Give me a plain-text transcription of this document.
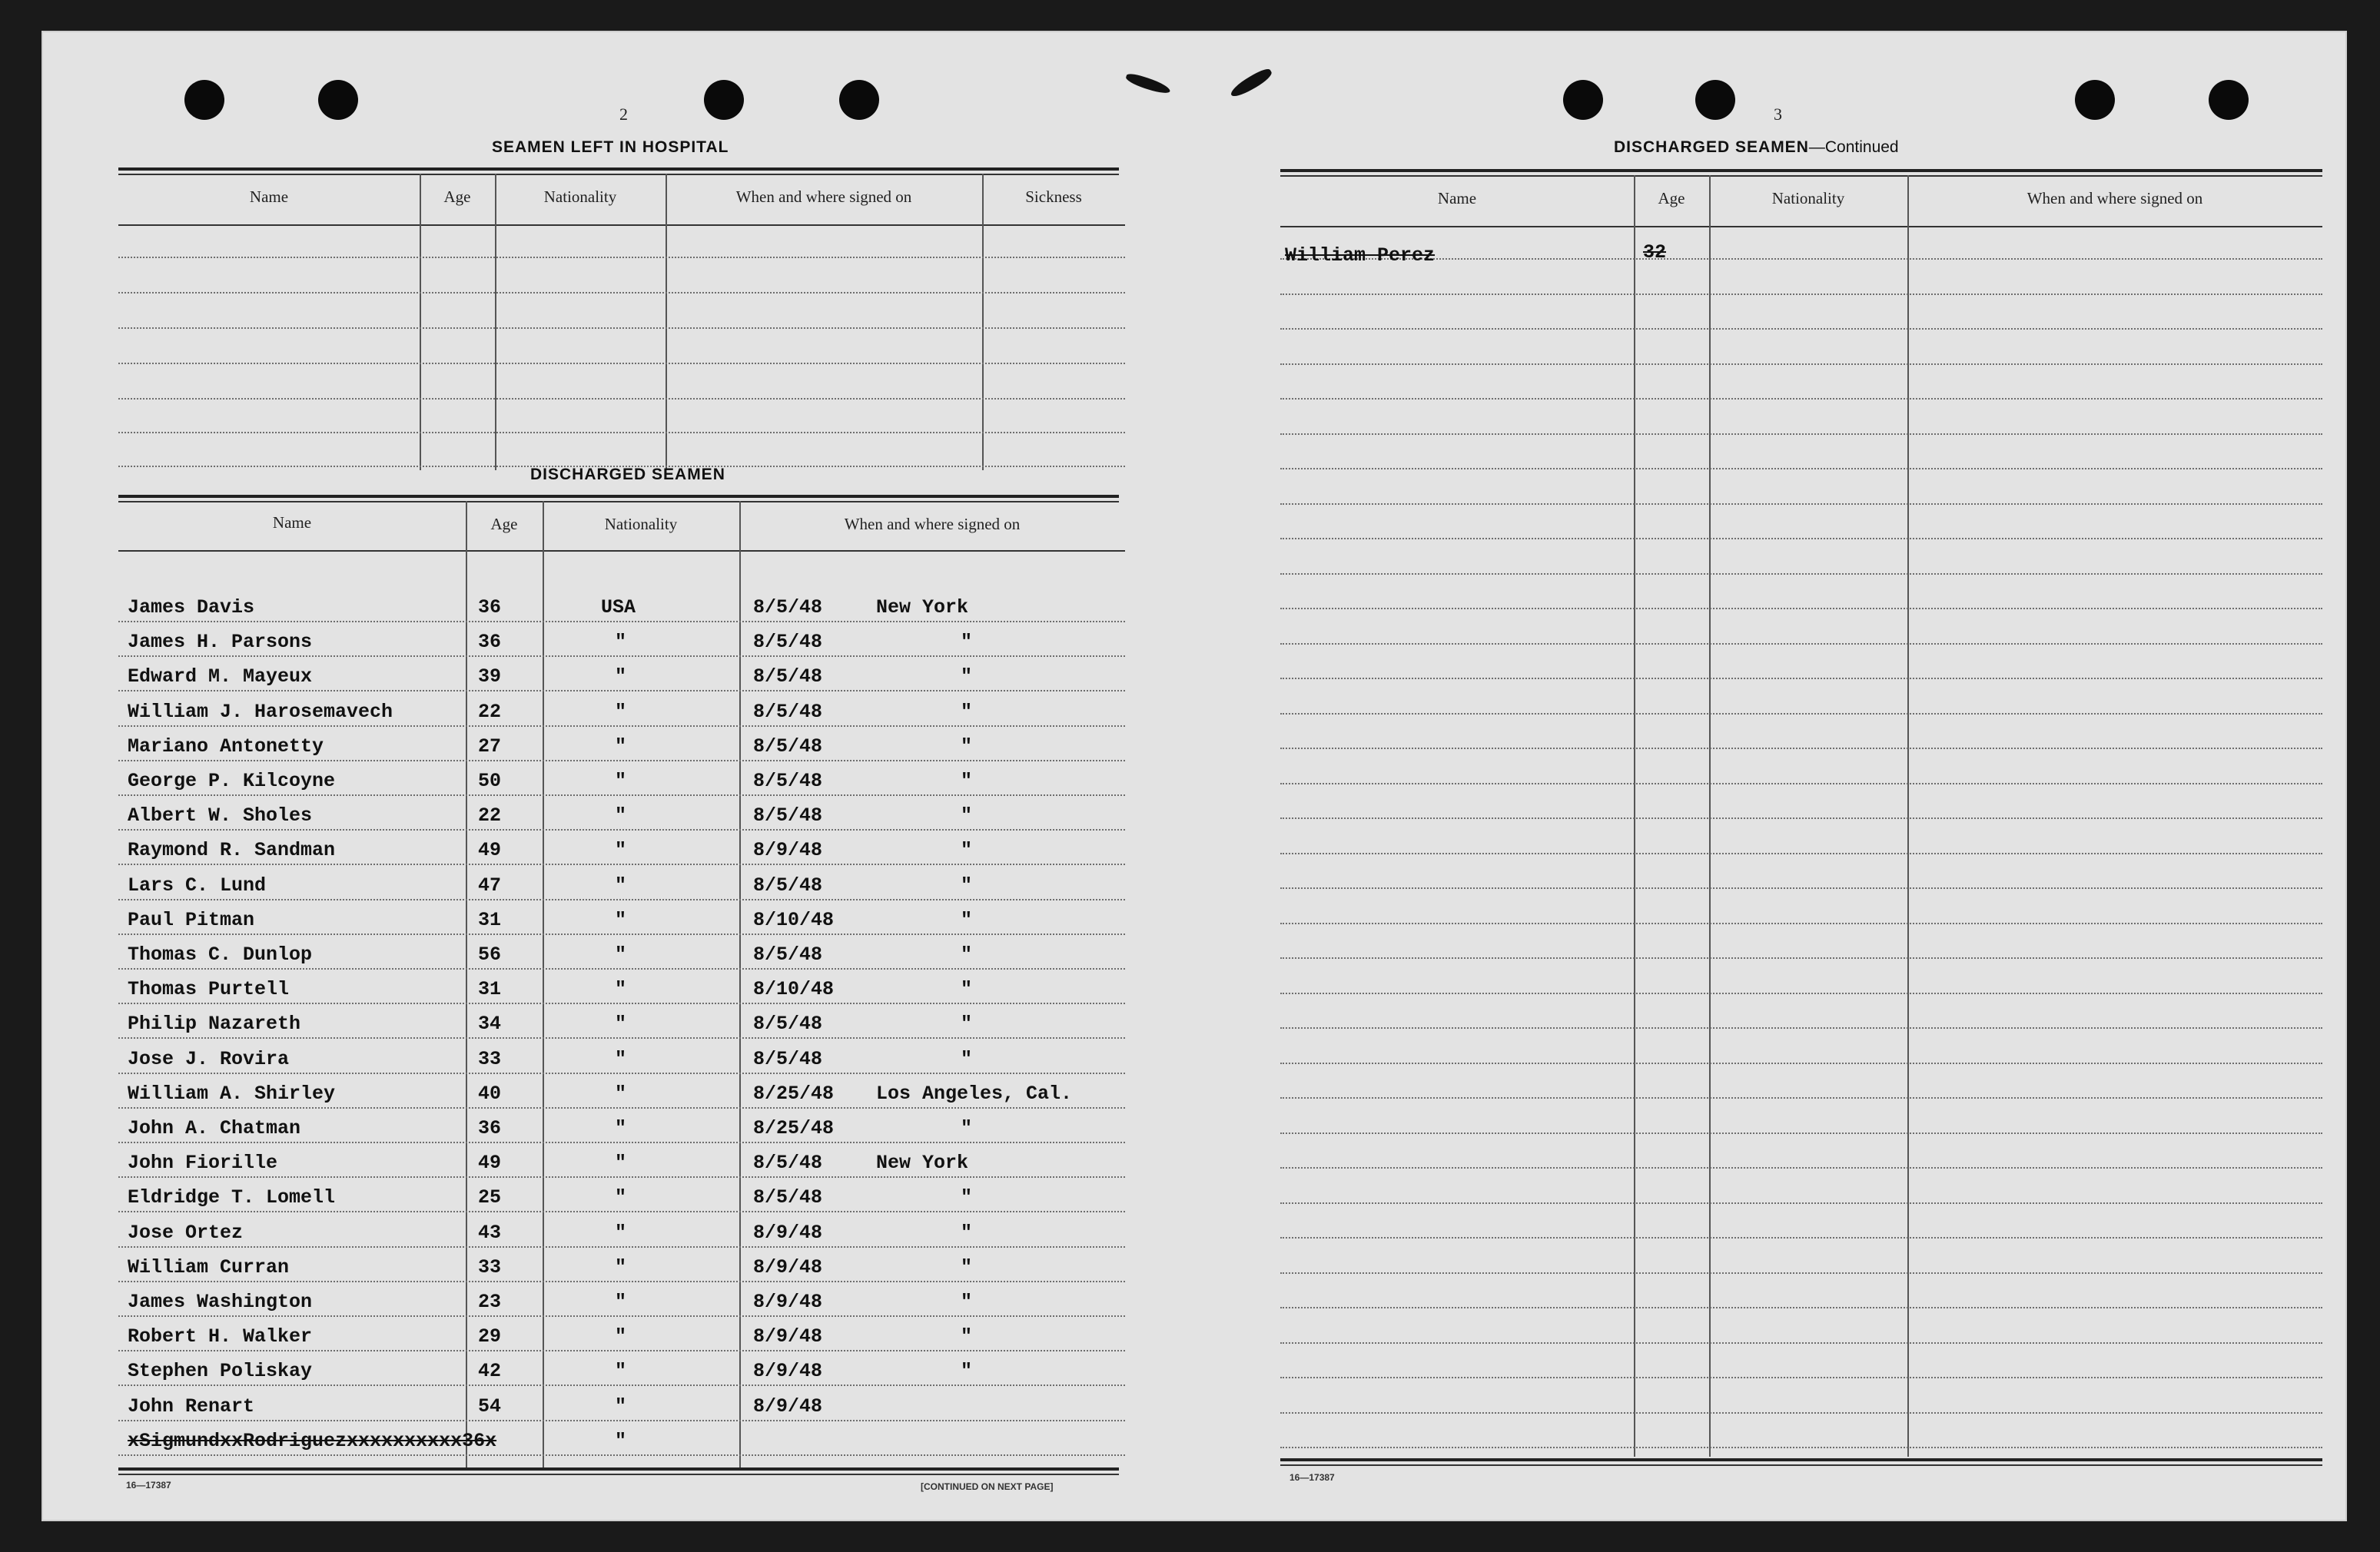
2
SEAMEN LEFT IN HOSPITAL
Name	Age	Nationality	When and where signed on	Sickness
DISCHARGED SEAMEN
Name	Age	Nationality	When and where signed on
James Davis	36	USA	8/5/48	New York
James H. Parsons	36	"	8/5/48	"
Edward M. Mayeux	39	"	8/5/48	"
William J. Harosemavech	22	"	8/5/48	"
Mariano Antonetty	27	"	8/5/48	"
George P. Kilcoyne	50	"	8/5/48	"
Albert W. Sholes	22	"	8/5/48	"
Raymond R. Sandman	49	"	8/9/48	"
Lars C. Lund	47	"	8/5/48	"
Paul Pitman	31	"	8/10/48	"
Thomas C. Dunlop	56	"	8/5/48	"
Thomas Purtell	31	"	8/10/48	"
Philip Nazareth	34	"	8/5/48	"
Jose J. Rovira	33	"	8/5/48	"
William A. Shirley	40	"	8/25/48 Los Angeles, Cal.
John A. Chatman	36	"	8/25/48	"
John Fiorille	49	"	8/5/48	New York
Eldridge T. Lomell	25	"	8/5/48	"
Jose Ortez	43	"	8/9/48	"
William Curran	33	"	8/9/48	"
James Washington	23	"	8/9/48	"
Robert H. Walker	29	"	8/9/48	"
Stephen Poliskay	42	"	8/9/48	"
John Renart	54	"	8/9/48
xSigmundxxRodriguezxxxxxxxxxx36x	"
16—17387	[CONTINUED ON NEXT PAGE]
3
DISCHARGED SEAMEN—Continued
Name	Age	Nationality	When and where signed on
William Perez	32
16—17387
